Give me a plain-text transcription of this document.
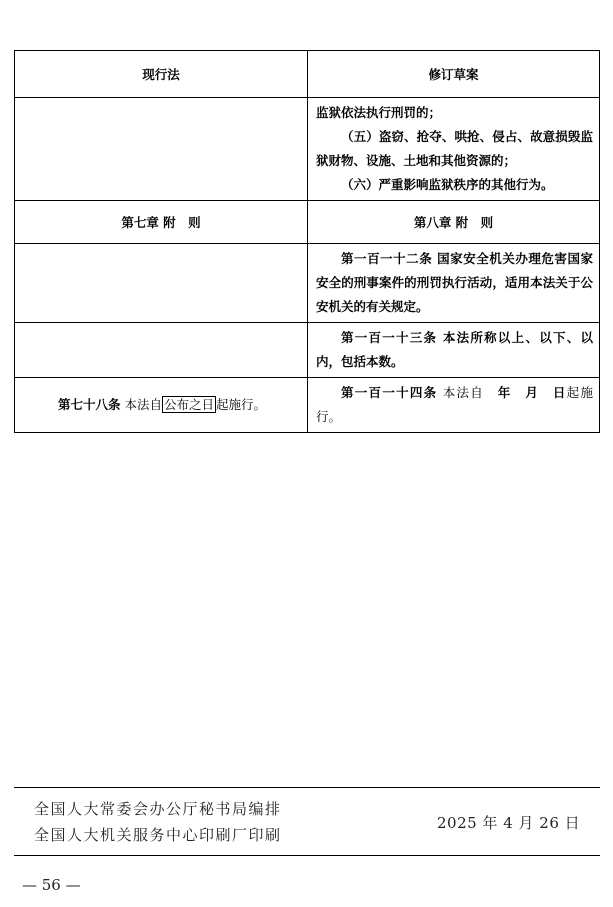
现行法	修订草案

	监狱依法执行刑罚的；
（五）盗窃、抢夺、哄抢、侵占、故意损毁监狱财物、设施、土地和其他资源的；
（六）严重影响监狱秩序的其他行为。

第七章 附　则	第八章 附　则

	第一百一十二条 国家安全机关办理危害国家安全的刑事案件的刑罚执行活动，适用本法关于公安机关的有关规定。

	第一百一十三条 本法所称以上、以下、以内，包括本数。

第七十八条 本法自 公布之日 起施行。	第一百一十四条 本法自　年　月　日起施行。
全国人大常委会办公厅秘书局编排
全国人大机关服务中心印刷厂印刷
2025 年 4 月 26 日
— 56 —
